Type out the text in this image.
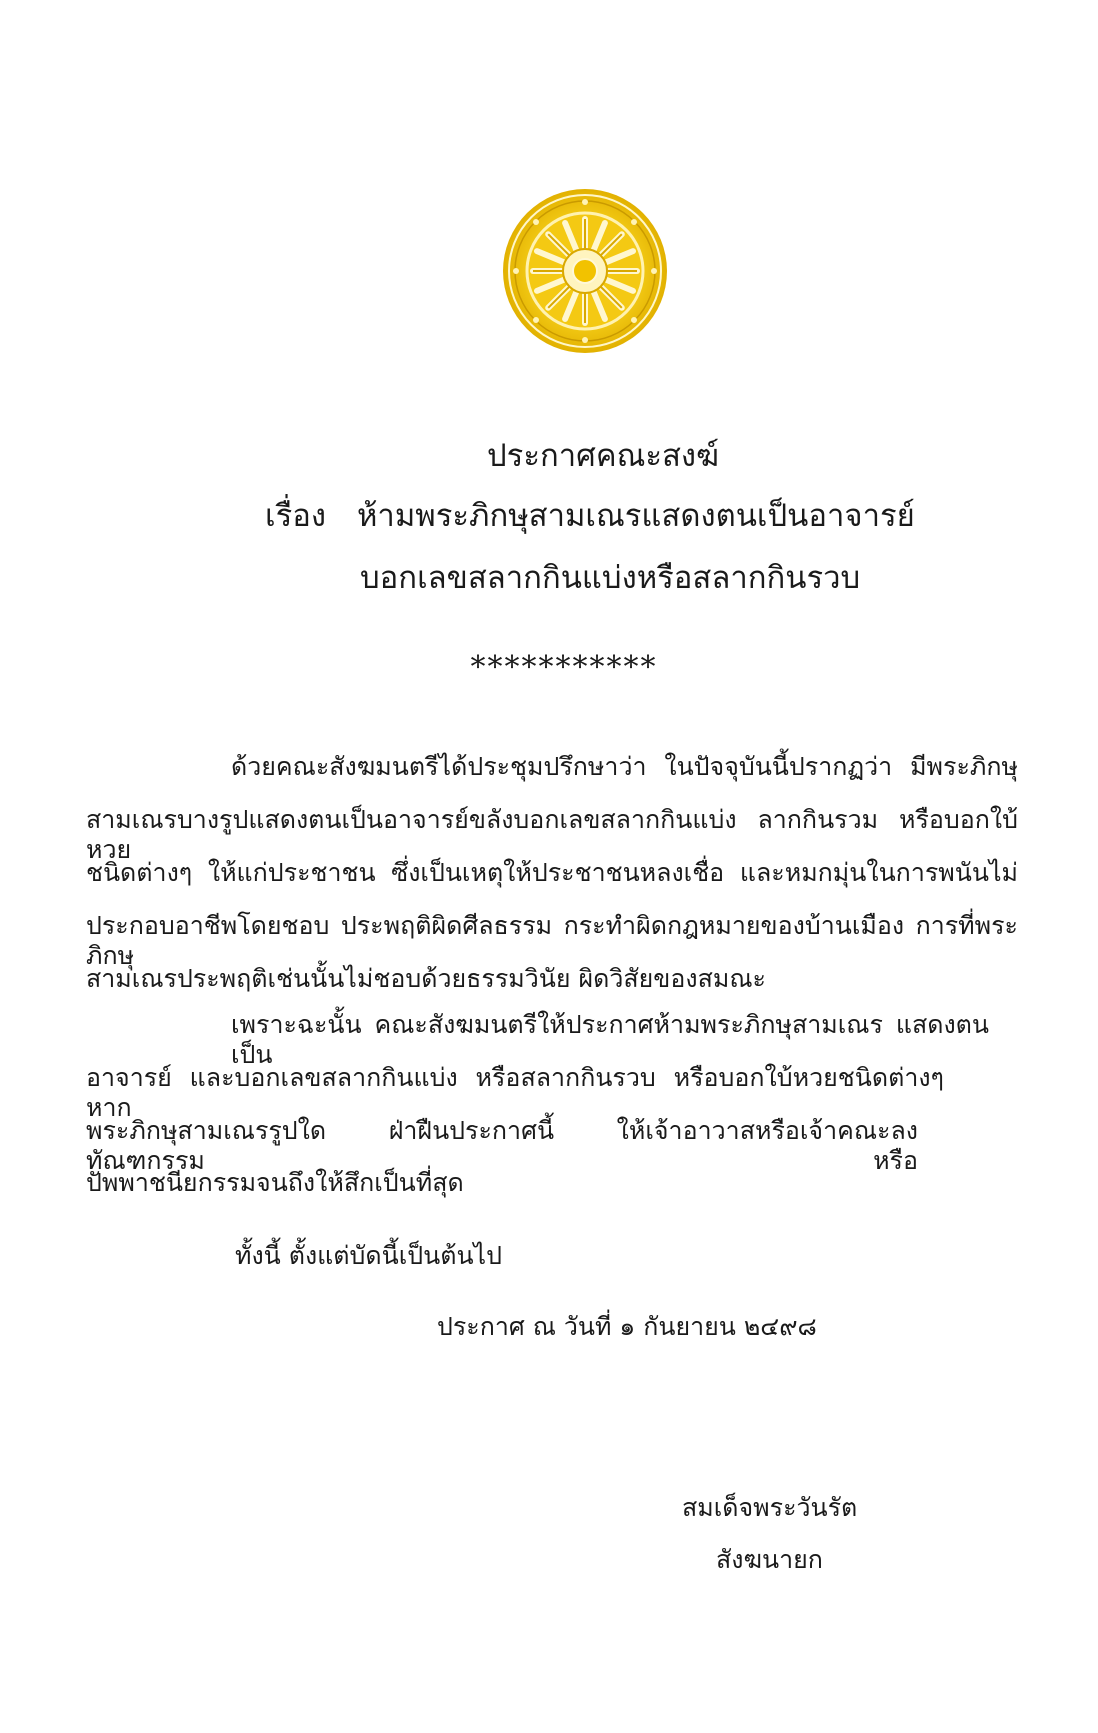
ประกาศคณะสงฆ์
เรื่อง ห้ามพระภิกษุสามเณรแสดงตนเป็นอาจารย์
บอกเลขสลากกินแบ่งหรือสลากกินรวบ
***********
ด้วยคณะสังฆมนตรีได้ประชุมปรึกษาว่า ในปัจจุบันนี้ปรากฏว่า มีพระภิกษุ
สามเณรบางรูปแสดงตนเป็นอาจารย์ขลังบอกเลขสลากกินแบ่ง ลากกินรวม หรือบอกใบ้หวย
ชนิดต่างๆ ให้แก่ประชาชน ซึ่งเป็นเหตุให้ประชาชนหลงเชื่อ และหมกมุ่นในการพนันไม่
ประกอบอาชีพโดยชอบ ประพฤติผิดศีลธรรม กระทำผิดกฎหมายของบ้านเมือง การที่พระภิกษุ
สามเณรประพฤติเช่นนั้นไม่ชอบด้วยธรรมวินัย ผิดวิสัยของสมณะ
เพราะฉะนั้น คณะสังฆมนตรีให้ประกาศห้ามพระภิกษุสามเณร แสดงตนเป็น
อาจารย์ และบอกเลขสลากกินแบ่ง หรือสลากกินรวบ หรือบอกใบ้หวยชนิดต่างๆ หาก
พระภิกษุสามเณรรูปใด ฝ่าฝืนประกาศนี้ ให้เจ้าอาวาสหรือเจ้าคณะลงทัณฑกรรม หรือ
ปัพพาชนียกรรมจนถึงให้สึกเป็นที่สุด
ทั้งนี้ ตั้งแต่บัดนี้เป็นต้นไป
ประกาศ ณ วันที่ ๑ กันยายน ๒๔๙๘
สมเด็จพระวันรัต
สังฆนายก
